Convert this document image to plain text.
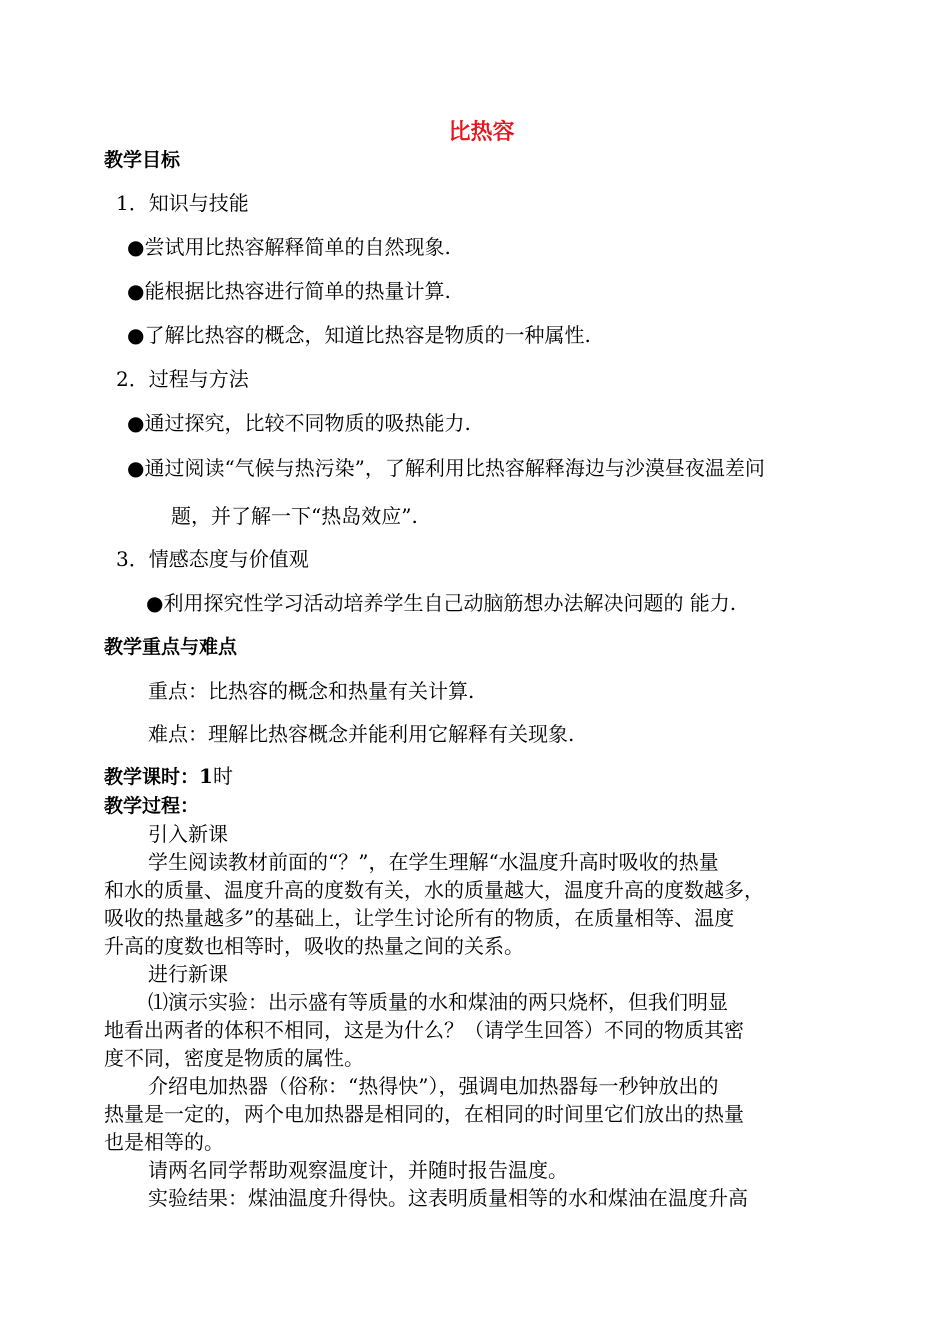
比热容
教学目标
1．知识与技能
●尝试用比热容解释简单的自然现象.
●能根据比热容进行简单的热量计算.
●了解比热容的概念，知道比热容是物质的一种属性.
2．过程与方法
●通过探究，比较不同物质的吸热能力.
●通过阅读“气候与热污染”，了解利用比热容解释海边与沙漠昼夜温差问
题，并了解一下“热岛效应”.
3．情感态度与价值观
●利用探究性学习活动培养学生自己动脑筋想办法解决问题的 能力.
教学重点与难点
重点：比热容的概念和热量有关计算.
难点：理解比热容概念并能利用它解释有关现象.
教学课时：1时
教学过程：
引入新课
学生阅读教材前面的“？”，在学生理解“水温度升高时吸收的热量
和水的质量、温度升高的度数有关，水的质量越大，温度升高的度数越多，
吸收的热量越多”的基础上，让学生讨论所有的物质，在质量相等、温度
升高的度数也相等时，吸收的热量之间的关系。
进行新课
⑴演示实验：出示盛有等质量的水和煤油的两只烧杯，但我们明显
地看出两者的体积不相同，这是为什么？（请学生回答）不同的物质其密
度不同，密度是物质的属性。
介绍电加热器（俗称：“热得快”），强调电加热器每一秒钟放出的
热量是一定的，两个电加热器是相同的，在相同的时间里它们放出的热量
也是相等的。
请两名同学帮助观察温度计，并随时报告温度。
实验结果：煤油温度升得快。这表明质量相等的水和煤油在温度升高
